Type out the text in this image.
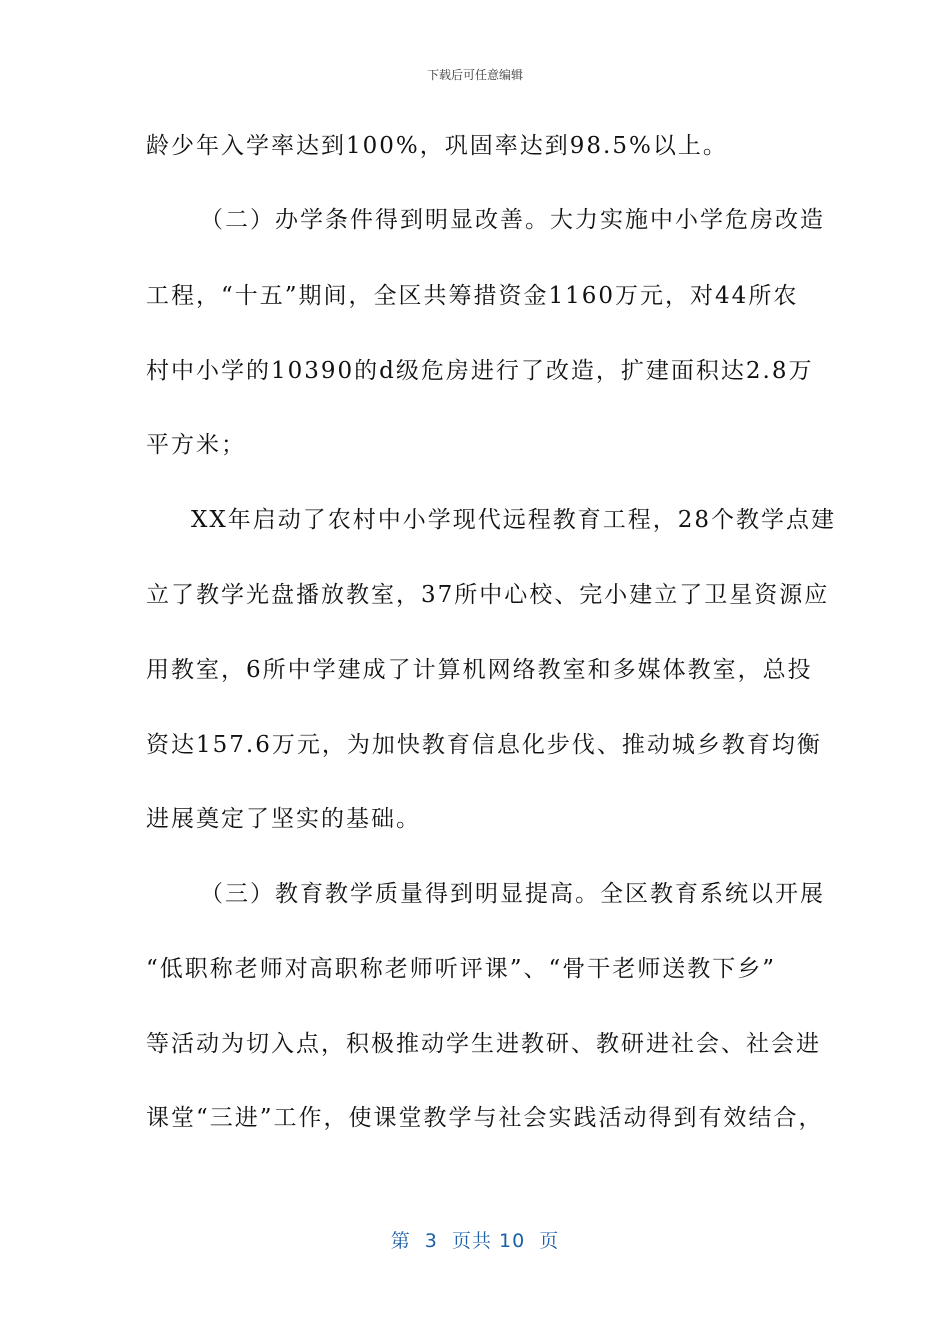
下载后可任意编辑
龄少年入学率达到100%，巩固率达到98.5%以上。
（二）办学条件得到明显改善。大力实施中小学危房改造
工程，“十五”期间，全区共筹措资金1160万元，对44所农
村中小学的10390的d级危房进行了改造，扩建面积达2.8万
平方米；
XX年启动了农村中小学现代远程教育工程，28个教学点建
立了教学光盘播放教室，37所中心校、完小建立了卫星资源应
用教室，6所中学建成了计算机网络教室和多媒体教室，总投
资达157.6万元，为加快教育信息化步伐、推动城乡教育均衡
进展奠定了坚实的基础。
（三）教育教学质量得到明显提高。全区教育系统以开展
“低职称老师对高职称老师听评课”、“骨干老师送教下乡”
等活动为切入点，积极推动学生进教研、教研进社会、社会进
课堂“三进”工作，使课堂教学与社会实践活动得到有效结合，
第  3  页共 10  页
